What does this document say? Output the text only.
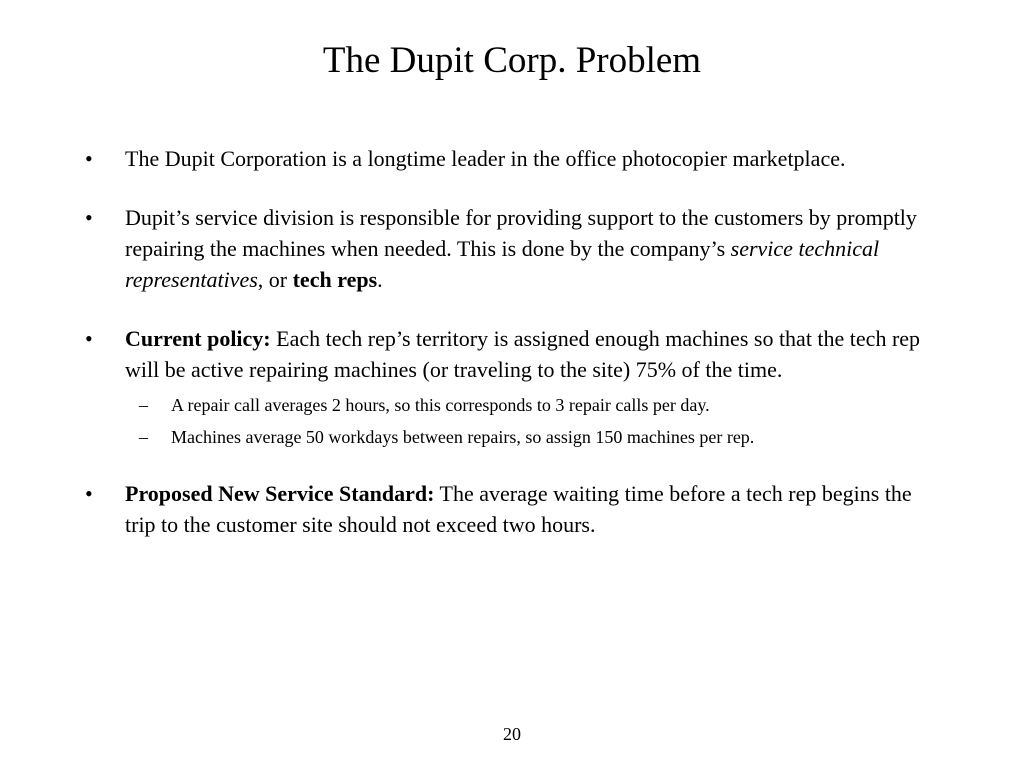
The Dupit Corp. Problem
• The Dupit Corporation is a longtime leader in the office photocopier marketplace.
• Dupit’s service division is responsible for providing support to the customers by promptly repairing the machines when needed. This is done by the company’s service technical representatives, or tech reps.
• Current policy: Each tech rep’s territory is assigned enough machines so that the tech rep will be active repairing machines (or traveling to the site) 75% of the time.
– A repair call averages 2 hours, so this corresponds to 3 repair calls per day.
– Machines average 50 workdays between repairs, so assign 150 machines per rep.
• Proposed New Service Standard: The average waiting time before a tech rep begins the trip to the customer site should not exceed two hours.
20
